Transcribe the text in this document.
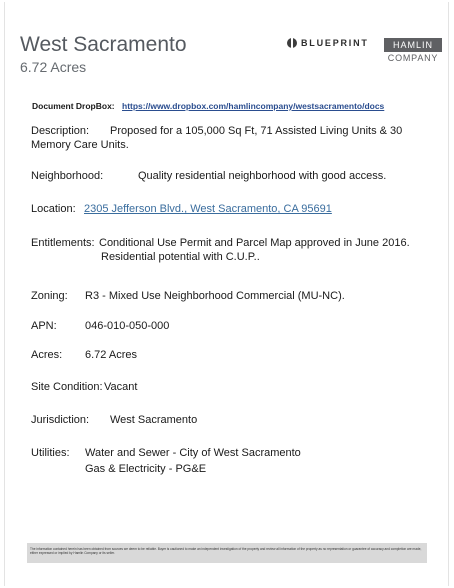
West Sacramento
6.72 Acres
BLUEPRINT	HAMLIN
COMPANY
Document DropBox: https://www.dropbox.com/hamlincompany/westsacramento/docs
Description: Proposed for a 105,000 Sq Ft, 71 Assisted Living Units & 30
Memory Care Units.
Neighborhood:	Quality residential neighborhood with good access.
Location: 2305 Jefferson Blvd., West Sacramento, CA 95691
Entitlements: Conditional Use Permit and Parcel Map approved in June 2016.
Residential potential with C.U.P..
Zoning: R3 - Mixed Use Neighborhood Commercial (MU-NC).
APN:	046-010-050-000
Acres: 6.72 Acres
Site Condition: Vacant
Jurisdiction: West Sacramento
Utilities: Water and Sewer - City of West Sacramento
Gas & Electricity - PG&E
The information contained herein has been obtained from sources we deem to be reliable. Buyer is cautioned to make an independent investigation of the property and review all information of the property as no representation or guarantee of accuracy and completion are made, either expressed or implied by Hamlin Company or its seller.
